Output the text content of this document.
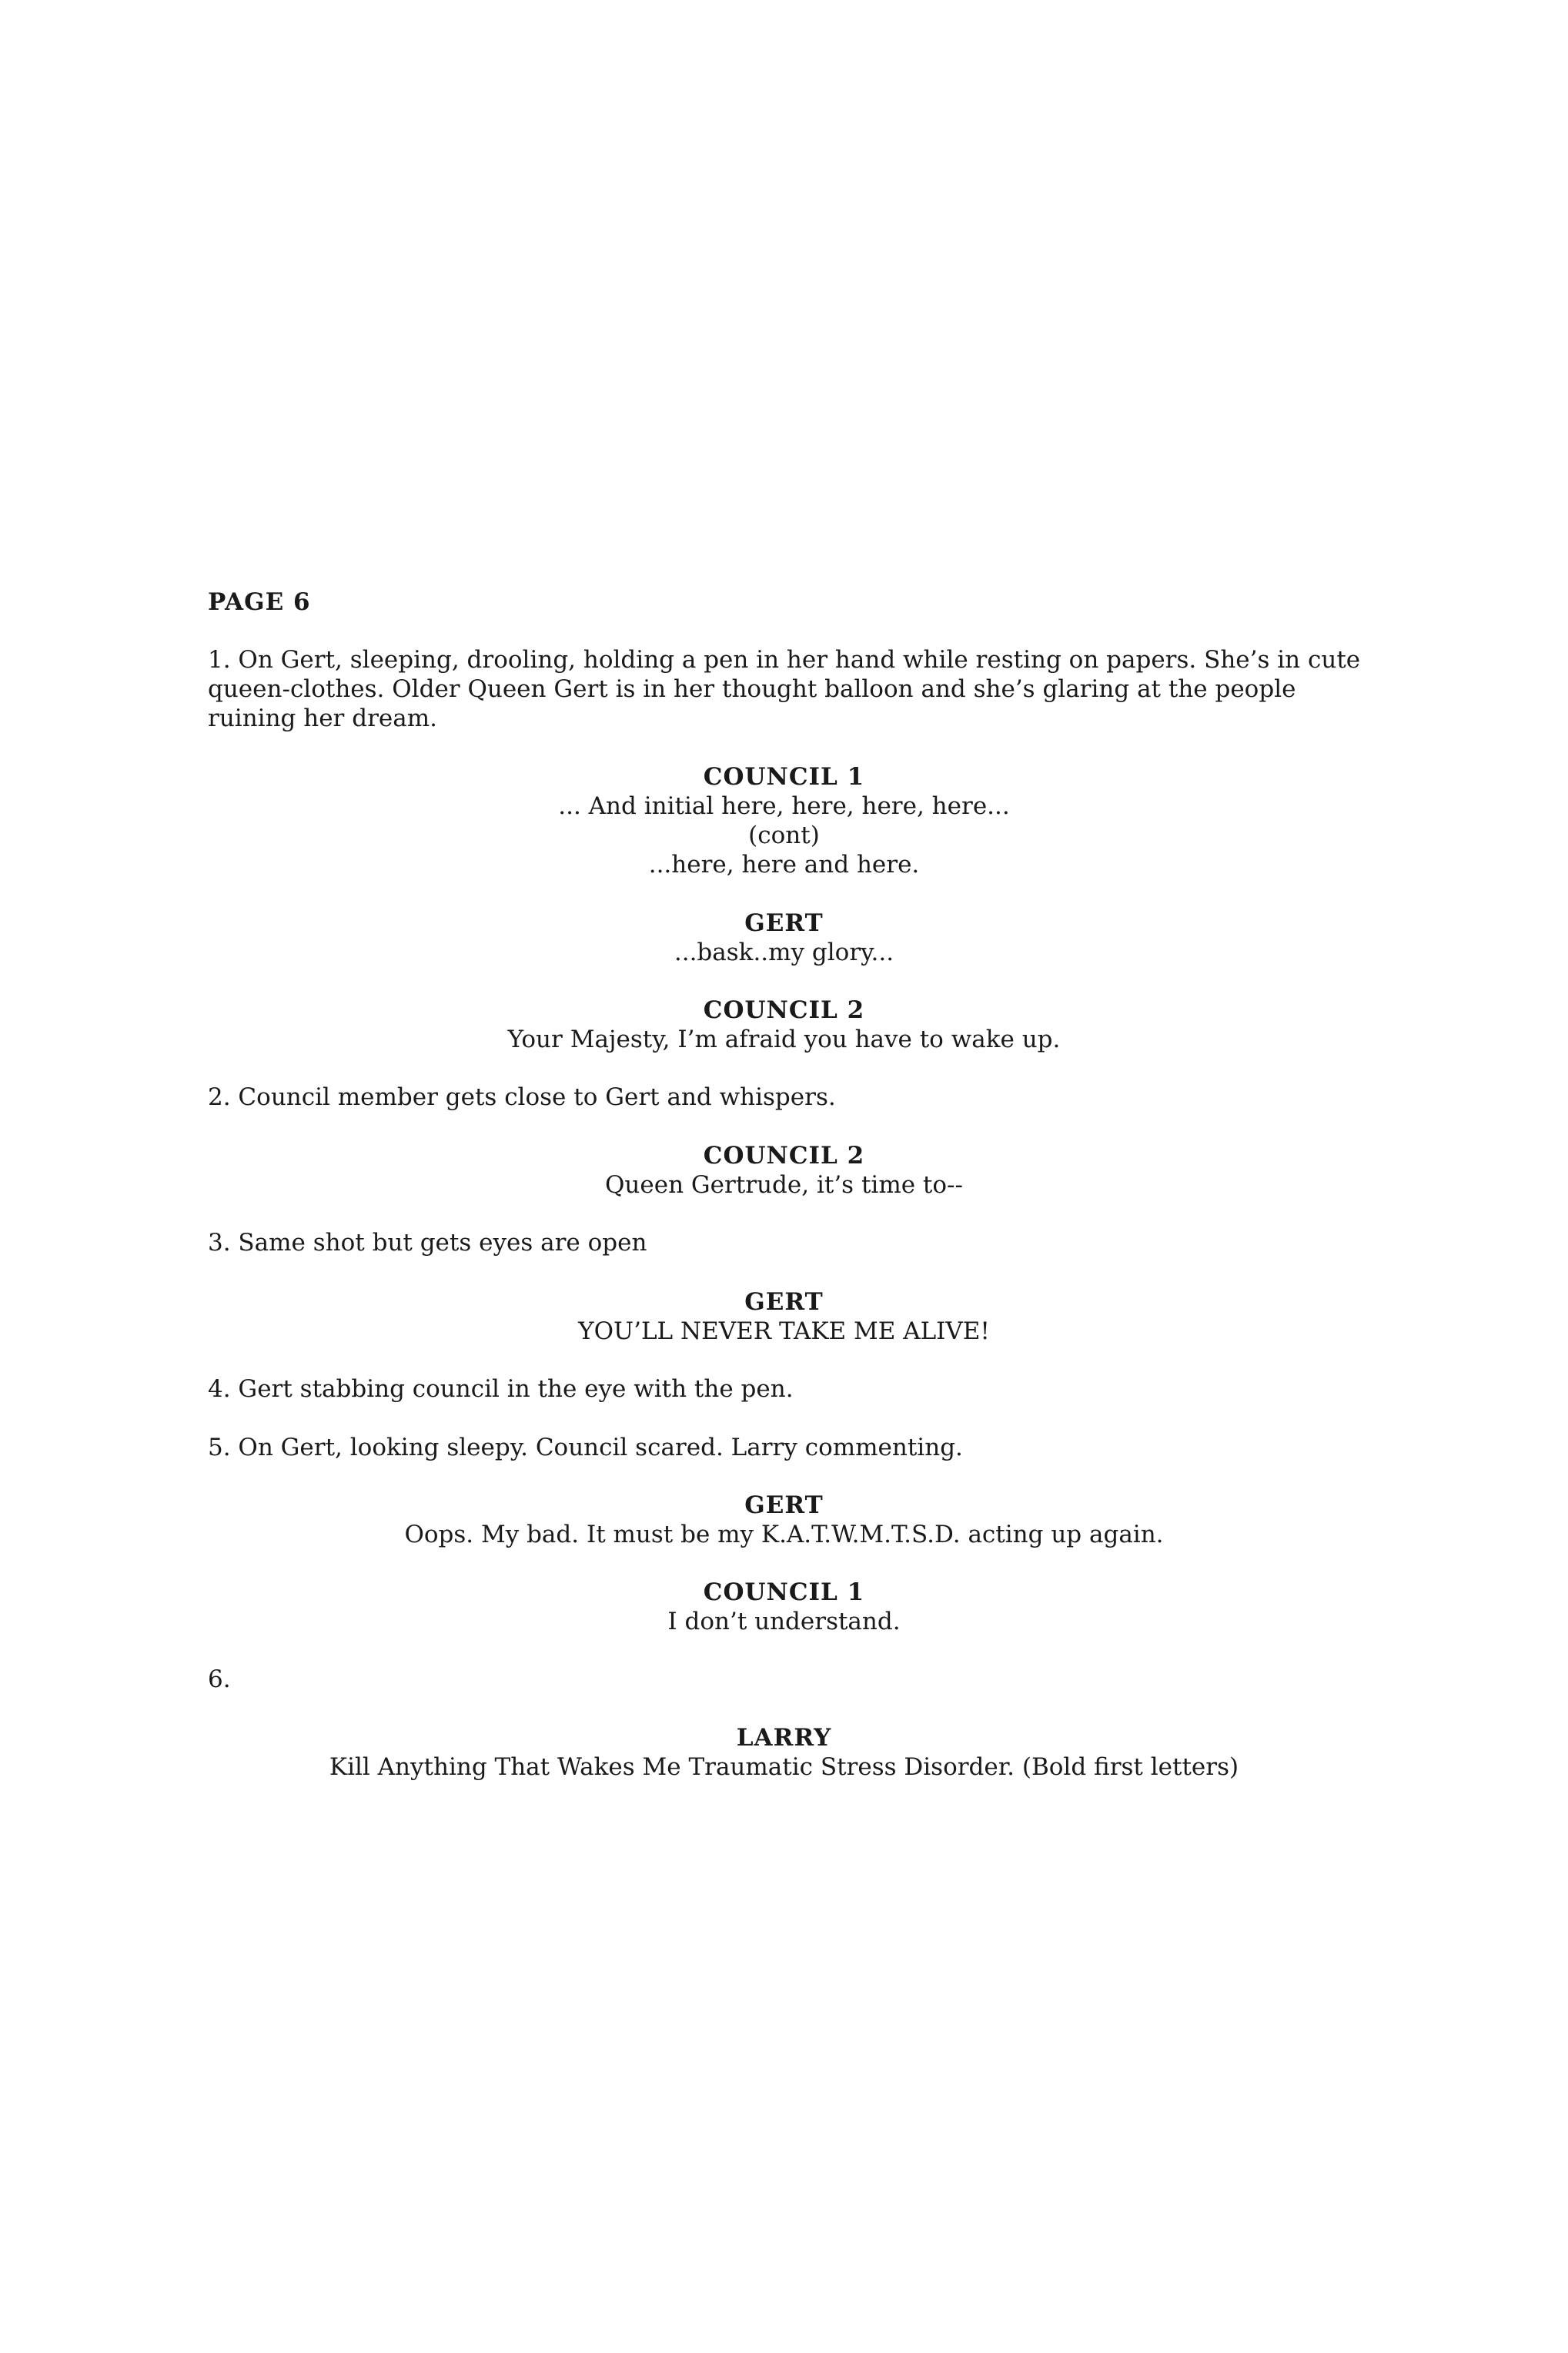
PAGE 6
1. On Gert, sleeping, drooling, holding a pen in her hand while resting on papers. She’s in cute queen-clothes. Older Queen Gert is in her thought balloon and she’s glaring at the people ruining her dream.
COUNCIL 1
... And initial here, here, here, here...
(cont)
...here, here and here.
GERT
...bask..my glory...
COUNCIL 2
Your Majesty, I’m afraid you have to wake up.
2. Council member gets close to Gert and whispers.
COUNCIL 2
Queen Gertrude, it’s time to--
3. Same shot but gets eyes are open
GERT
YOU’LL NEVER TAKE ME ALIVE!
4. Gert stabbing council in the eye with the pen.
5. On Gert, looking sleepy. Council scared. Larry commenting.
GERT
Oops. My bad. It must be my K.A.T.W.M.T.S.D. acting up again.
COUNCIL 1
I don’t understand.
6.
LARRY
Kill Anything That Wakes Me Traumatic Stress Disorder. (Bold first letters)
